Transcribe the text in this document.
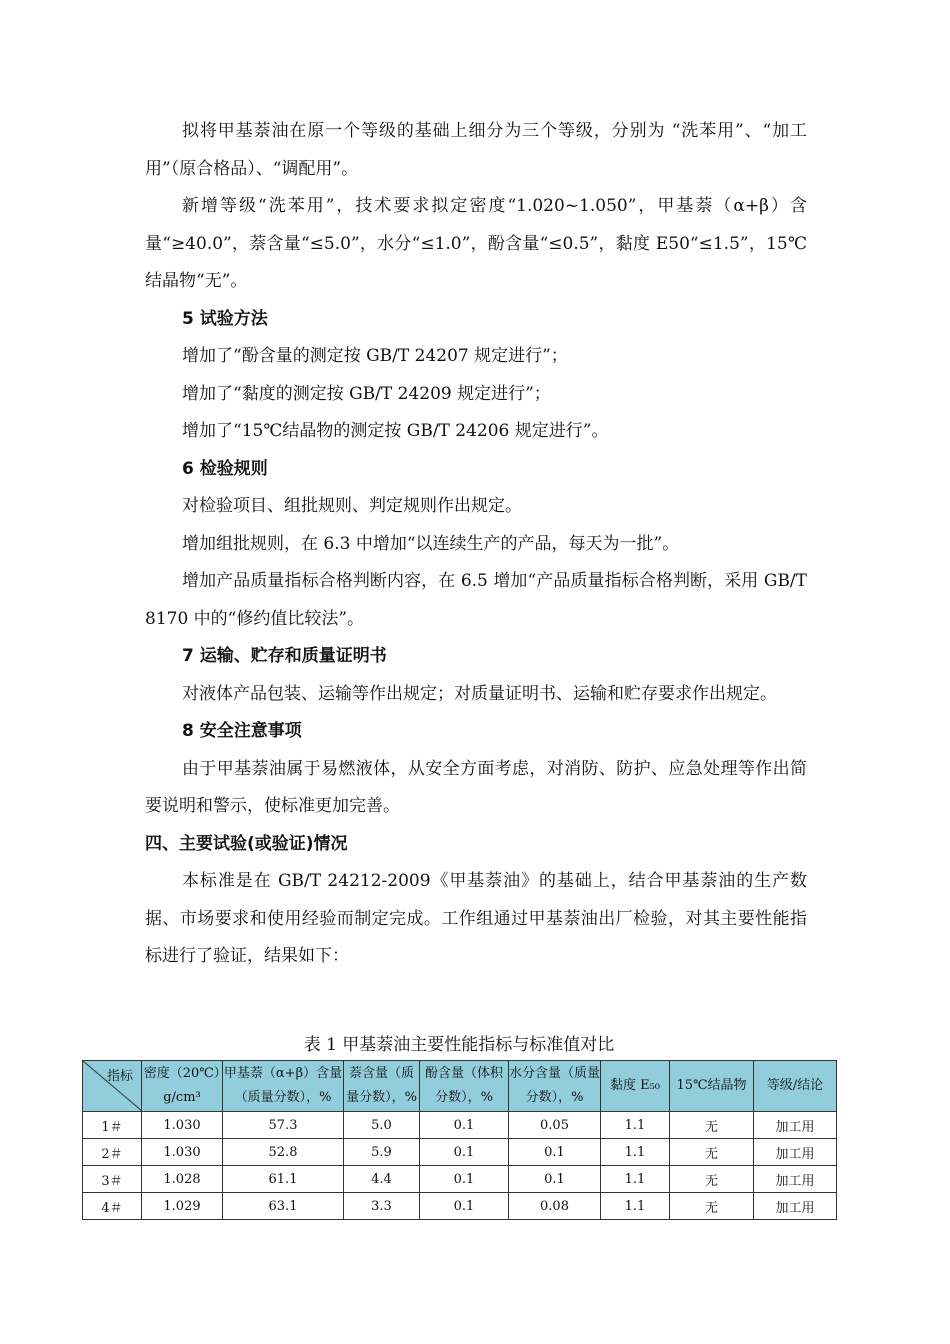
拟将甲基萘油在原一个等级的基础上细分为三个等级，分别为 “洗苯用”、“加工用”（原合格品）、“调配用”。

新增等级“洗苯用”，技术要求拟定密度“1.020~1.050”，甲基萘（α+β）含量“≥40.0”，萘含量“≤5.0”，水分“≤1.0”，酚含量“≤0.5”，黏度 E50“≤1.5”，15℃结晶物“无”。

5 试验方法

增加了“酚含量的测定按 GB/T 24207 规定进行”；

增加了“黏度的测定按 GB/T 24209 规定进行”；

增加了“15℃结晶物的测定按 GB/T 24206 规定进行”。

6 检验规则

对检验项目、组批规则、判定规则作出规定。

增加组批规则，在 6.3 中增加“以连续生产的产品，每天为一批”。

增加产品质量指标合格判断内容，在 6.5 增加“产品质量指标合格判断，采用 GB/T 8170 中的“修约值比较法”。

7 运输、贮存和质量证明书

对液体产品包装、运输等作出规定；对质量证明书、运输和贮存要求作出规定。

8 安全注意事项

由于甲基萘油属于易燃液体，从安全方面考虑，对消防、防护、应急处理等作出简要说明和警示，使标准更加完善。

四、主要试验(或验证)情况

本标准是在 GB/T 24212-2009《甲基萘油》的基础上，结合甲基萘油的生产数据、市场要求和使用经验而制定完成。工作组通过甲基萘油出厂检验，对其主要性能指标进行了验证，结果如下：

表 1 甲基萘油主要性能指标与标准值对比
指标	密度（20℃）g/cm³	甲基萘（α+β）含量（质量分数），%	萘含量（质量分数），%	酚含量（体积分数），%	水分含量（质量分数），%	黏度 E₅₀	15℃结晶物	等级/结论
1＃	1.030	57.3	5.0	0.1	0.05	1.1	无	加工用
2＃	1.030	52.8	5.9	0.1	0.1	1.1	无	加工用
3＃	1.028	61.1	4.4	0.1	0.1	1.1	无	加工用
4＃	1.029	63.1	3.3	0.1	0.08	1.1	无	加工用
